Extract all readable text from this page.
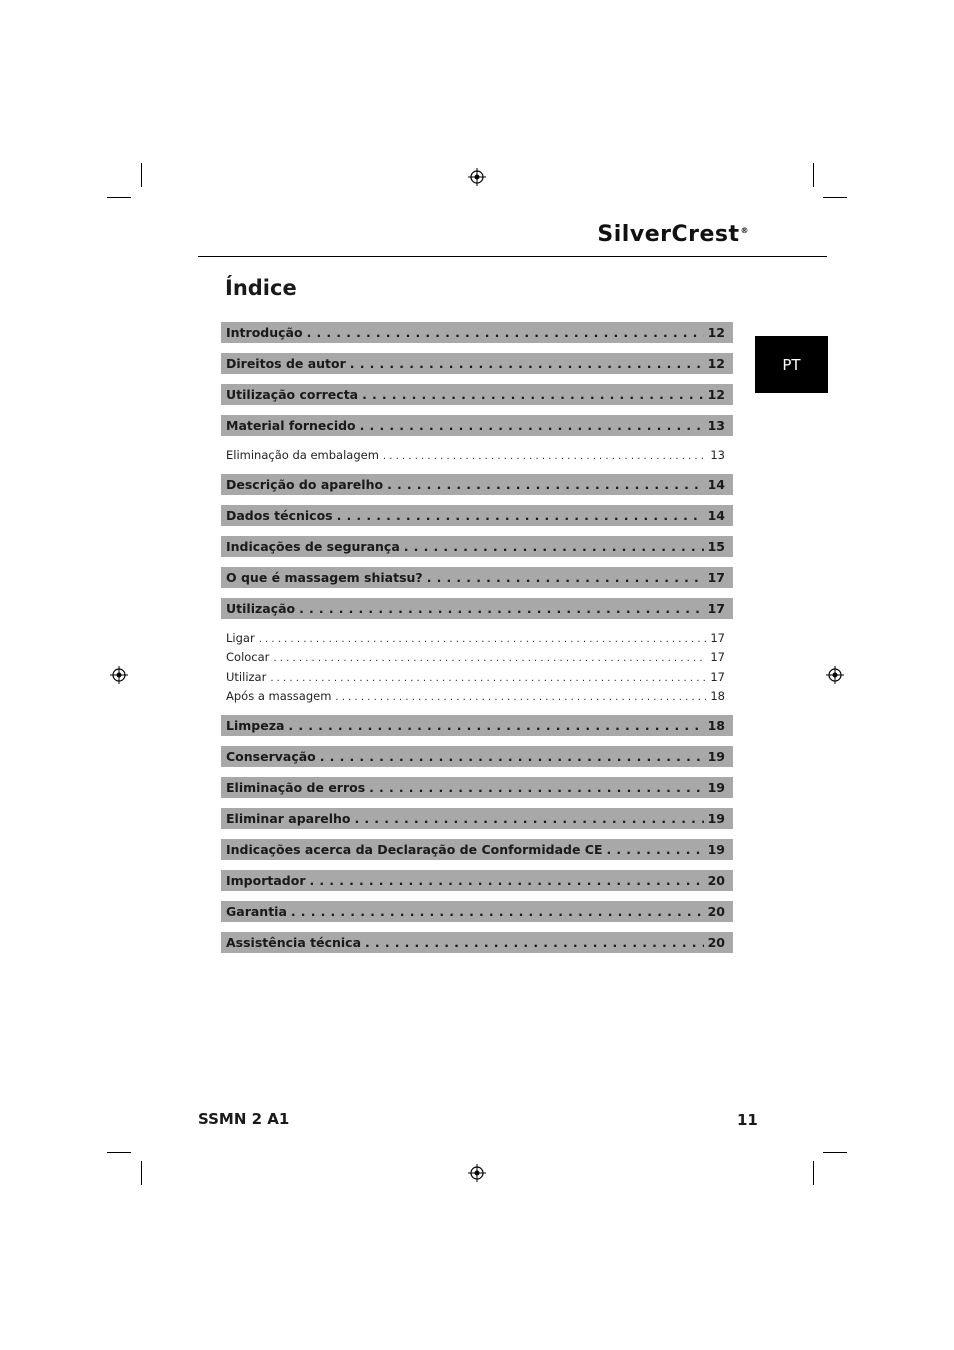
SilverCrest®
Índice
PT
Introdução . . .	12
Direitos de autor . . .	12
Utilização correcta . . .	12
Material fornecido . . .	13
Eliminação da embalagem . . .	13
Descrição do aparelho . . .	14
Dados técnicos . . .	14
Indicações de segurança . . .	15
O que é massagem shiatsu? . . .	17
Utilização . . .	17
Ligar . . .	17
Colocar . . .	17
Utilizar . . .	17
Após a massagem . . .	18
Limpeza . . .	18
Conservação . . .	19
Eliminação de erros . . .	19
Eliminar aparelho . . .	19
Indicações acerca da Declaração de Conformidade CE . . .	19
Importador . . .	20
Garantia . . .	20
Assistência técnica . . .	20
SSMN 2 A1	11
